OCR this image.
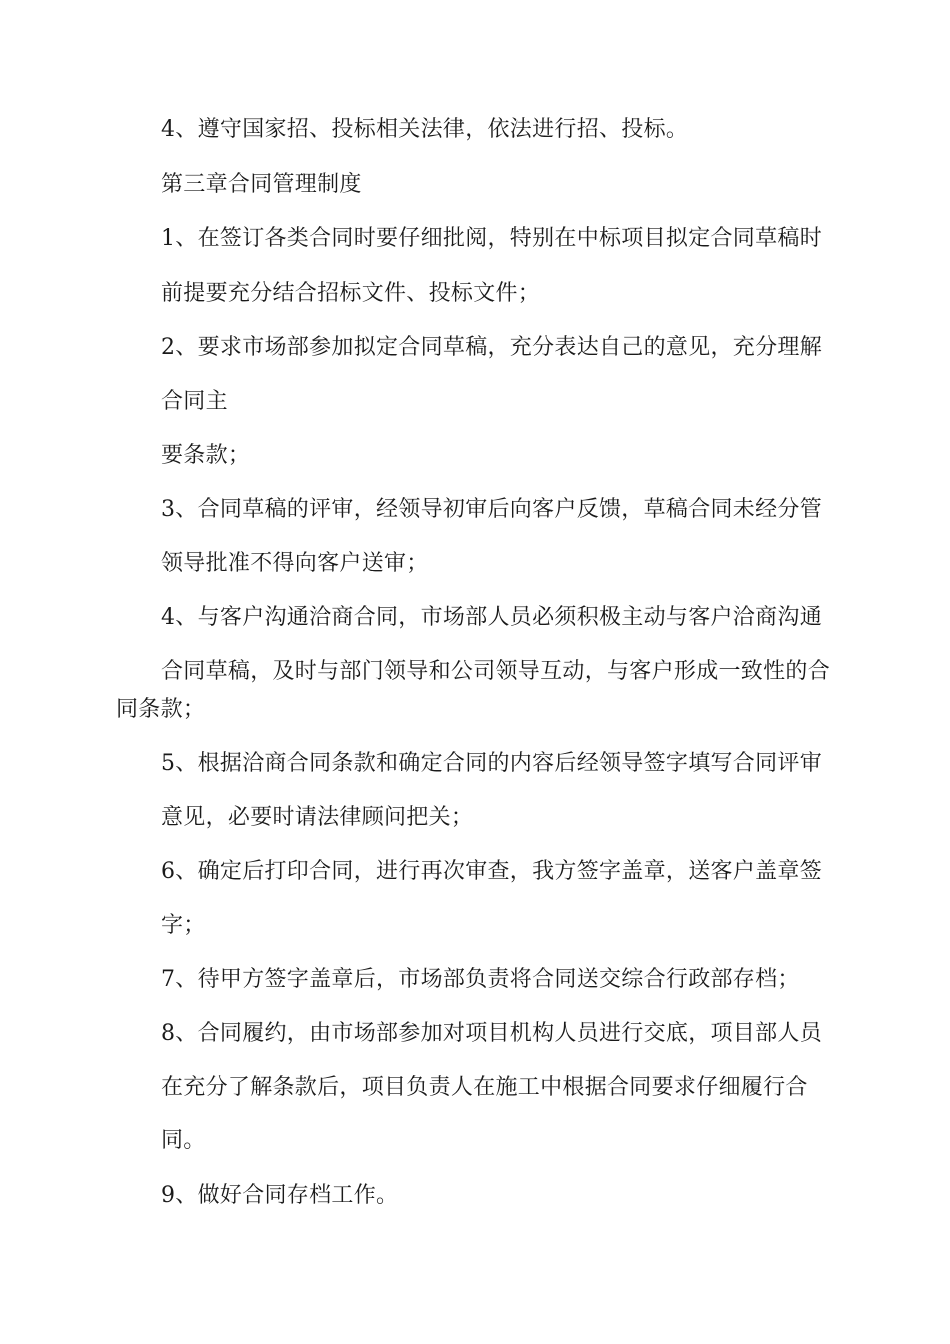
4、遵守国家招、投标相关法律，依法进行招、投标。
第三章合同管理制度
1、在签订各类合同时要仔细批阅，特别在中标项目拟定合同草稿时
前提要充分结合招标文件、投标文件；
2、要求市场部参加拟定合同草稿，充分表达自己的意见，充分理解
合同主
要条款；
3、合同草稿的评审，经领导初审后向客户反馈，草稿合同未经分管
领导批准不得向客户送审；
4、与客户沟通洽商合同，市场部人员必须积极主动与客户洽商沟通
合同草稿，及时与部门领导和公司领导互动，与客户形成一致性的合
同条款；
5、根据洽商合同条款和确定合同的内容后经领导签字填写合同评审
意见，必要时请法律顾问把关；
6、确定后打印合同，进行再次审查，我方签字盖章，送客户盖章签
字；
7、待甲方签字盖章后，市场部负责将合同送交综合行政部存档；
8、合同履约，由市场部参加对项目机构人员进行交底，项目部人员
在充分了解条款后，项目负责人在施工中根据合同要求仔细履行合
同。
9、做好合同存档工作。
